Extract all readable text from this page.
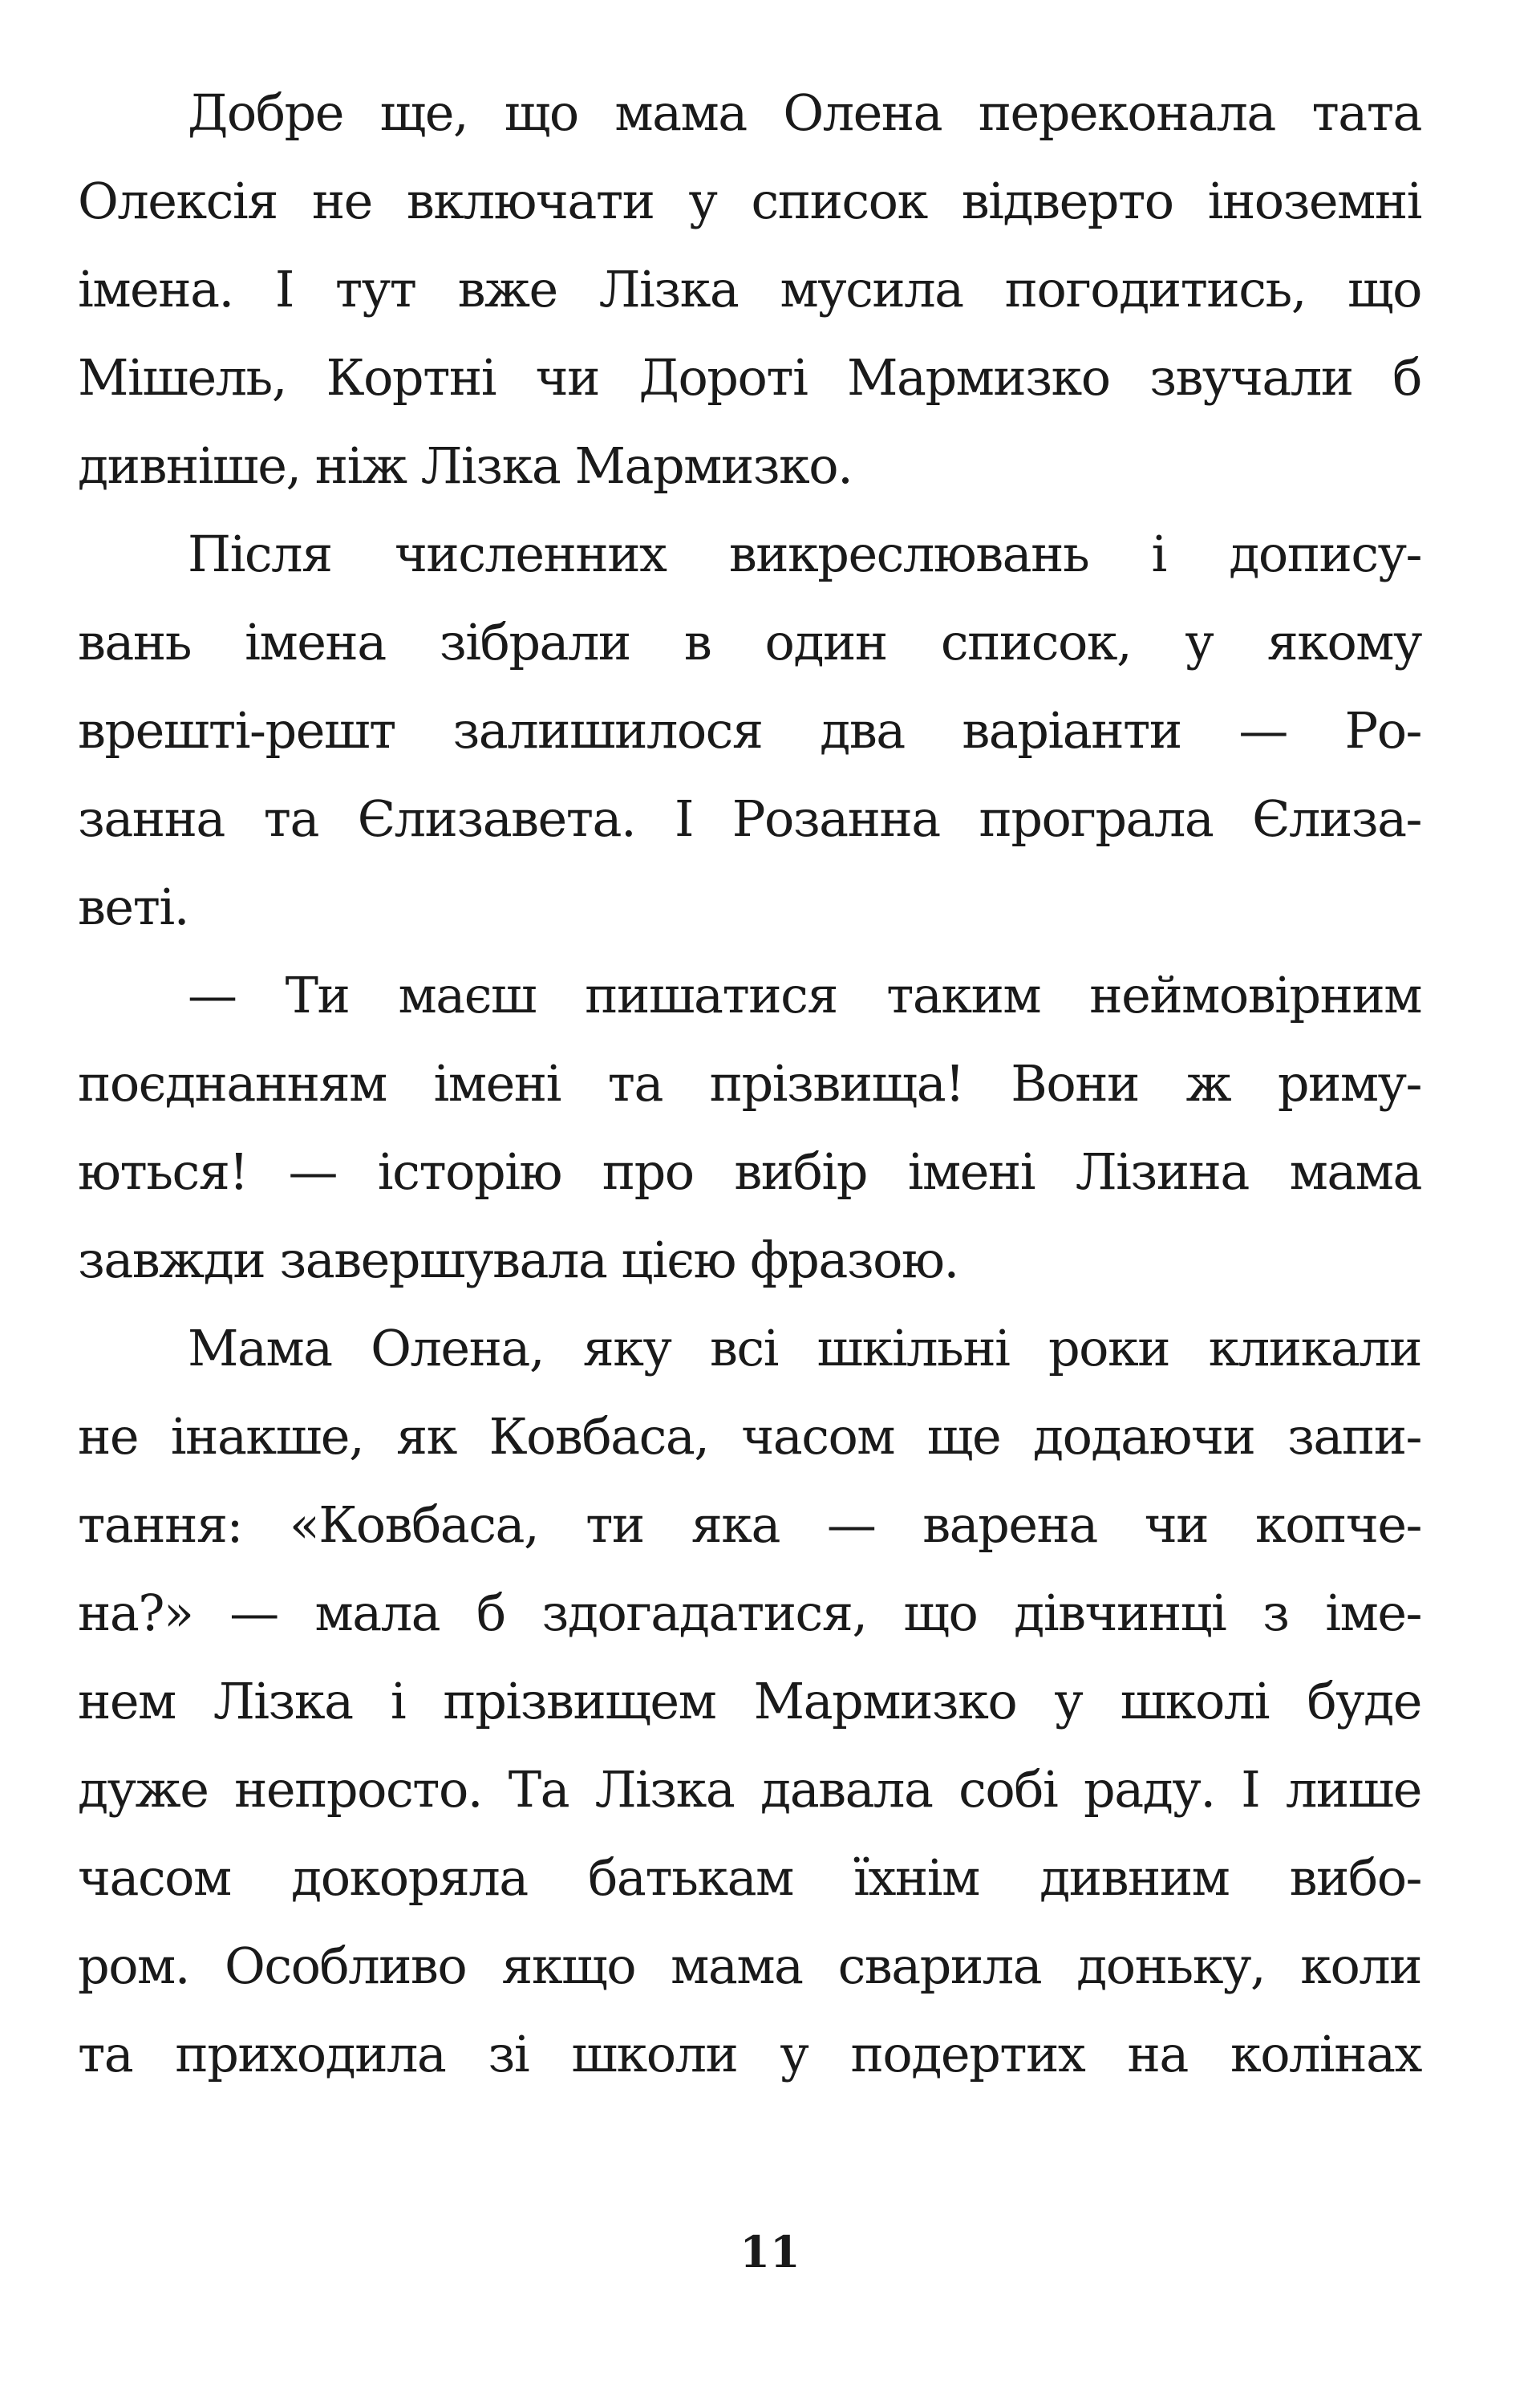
Добре ще, що мама Олена переконала тата
Олексія не включати у список відверто іноземні
імена. І тут вже Лізка мусила погодитись, що
Мішель, Кортні чи Дороті Мармизко звучали б
дивніше, ніж Лізка Мармизко.
Після численних викреслювань і допису-
вань імена зібрали в один список, у якому
врешті-решт залишилося два варіанти — Ро-
занна та Єлизавета. І Розанна програла Єлиза-
веті.
— Ти маєш пишатися таким неймовірним
поєднанням імені та прізвища! Вони ж риму-
ються! — історію про вибір імені Лізина мама
завжди завершувала цією фразою.
Мама Олена, яку всі шкільні роки кликали
не інакше, як Ковбаса, часом ще додаючи запи-
тання: «Ковбаса, ти яка — варена чи копче-
на?» — мала б здогадатися, що дівчинці з іме-
нем Лізка і прізвищем Мармизко у школі буде
дуже непросто. Та Лізка давала собі раду. І лише
часом докоряла батькам їхнім дивним вибо-
ром. Особливо якщо мама сварила доньку, коли
та приходила зі школи у подертих на колінах
11
